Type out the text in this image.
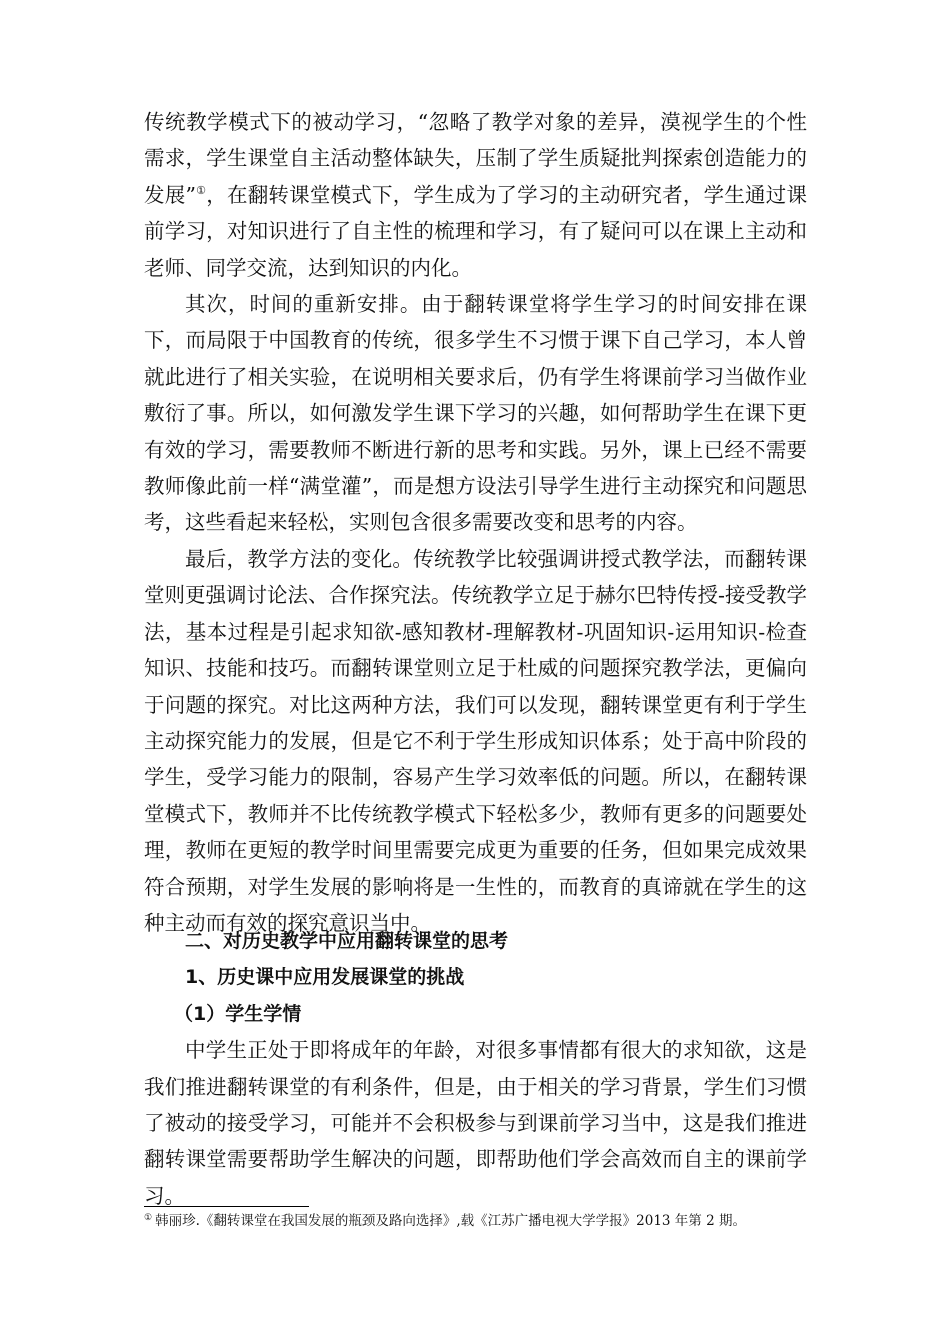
传统教学模式下的被动学习，“忽略了教学对象的差异，漠视学生的个性需求，学生课堂自主活动整体缺失，压制了学生质疑批判探索创造能力的发展”①，在翻转课堂模式下，学生成为了学习的主动研究者，学生通过课前学习，对知识进行了自主性的梳理和学习，有了疑问可以在课上主动和老师、同学交流，达到知识的内化。

其次，时间的重新安排。由于翻转课堂将学生学习的时间安排在课下，而局限于中国教育的传统，很多学生不习惯于课下自己学习，本人曾就此进行了相关实验，在说明相关要求后，仍有学生将课前学习当做作业敷衍了事。所以，如何激发学生课下学习的兴趣，如何帮助学生在课下更有效的学习，需要教师不断进行新的思考和实践。另外，课上已经不需要教师像此前一样“满堂灌”，而是想方设法引导学生进行主动探究和问题思考，这些看起来轻松，实则包含很多需要改变和思考的内容。

最后，教学方法的变化。传统教学比较强调讲授式教学法，而翻转课堂则更强调讨论法、合作探究法。传统教学立足于赫尔巴特传授-接受教学法，基本过程是引起求知欲-感知教材-理解教材-巩固知识-运用知识-检查知识、技能和技巧。而翻转课堂则立足于杜威的问题探究教学法，更偏向于问题的探究。对比这两种方法，我们可以发现，翻转课堂更有利于学生主动探究能力的发展，但是它不利于学生形成知识体系；处于高中阶段的学生，受学习能力的限制，容易产生学习效率低的问题。所以，在翻转课堂模式下，教师并不比传统教学模式下轻松多少，教师有更多的问题要处理，教师在更短的教学时间里需要完成更为重要的任务，但如果完成效果符合预期，对学生发展的影响将是一生性的，而教育的真谛就在学生的这种主动而有效的探究意识当中。

二、对历史教学中应用翻转课堂的思考

1、历史课中应用发展课堂的挑战

（1）学生学情

中学生正处于即将成年的年龄，对很多事情都有很大的求知欲，这是我们推进翻转课堂的有利条件，但是，由于相关的学习背景，学生们习惯了被动的接受学习，可能并不会积极参与到课前学习当中，这是我们推进翻转课堂需要帮助学生解决的问题，即帮助他们学会高效而自主的课前学习。

① 韩丽珍.《翻转课堂在我国发展的瓶颈及路向选择》,载《江苏广播电视大学学报》2013 年第 2 期。
